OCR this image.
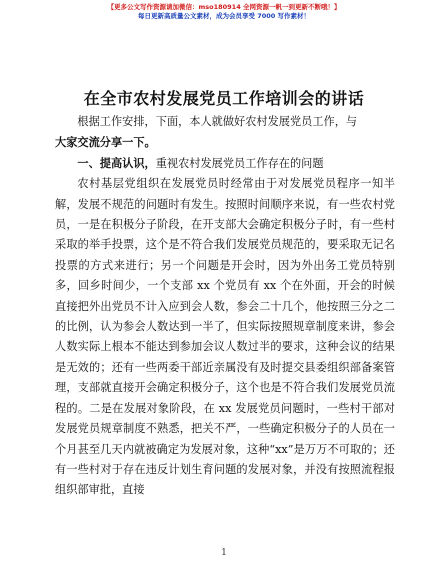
【更多公文写作资源请加微信：mso180914 全网资源一帆一到更新不断哦！】
每日更新高质量公文素材，成为会员享受 7000 写作素材！
在全市农村发展党员工作培训会的讲话

根据工作安排，下面，本人就做好农村发展党员工作，与

大家交流分享一下。

一、提高认识，重视农村发展党员工作存在的问题

农村基层党组织在发展党员时经常由于对发展党员程序一知半解，发展不规范的问题时有发生。按照时间顺序来说，有一些农村党员，一是在积极分子阶段，在开支部大会确定积极分子时，有一些村采取的举手投票，这个是不符合我们发展党员规范的，要采取无记名投票的方式来进行；另一个问题是开会时，因为外出务工党员特别多，回乡时间少，一个支部 xx 个党员有 xx 个在外面，开会的时候直接把外出党员不计入应到会人数，参会二十几个，他按照三分之二的比例，认为参会人数达到一半了，但实际按照规章制度来讲，参会人数实际上根本不能达到参加会议人数过半的要求，这种会议的结果是无效的；还有一些两委干部近亲属没有及时提交县委组织部备案管理，支部就直接开会确定积极分子，这个也是不符合我们发展党员流程的。二是在发展对象阶段，在 xx 发展党员问题时，一些村干部对发展党员规章制度不熟悉，把关不严，一些确定积极分子的人员在一个月甚至几天内就被确定为发展对象，这种“xx”是万万不可取的；还有一些村对于存在违反计划生育问题的发展对象，并没有按照流程报组织部审批，直接

1
